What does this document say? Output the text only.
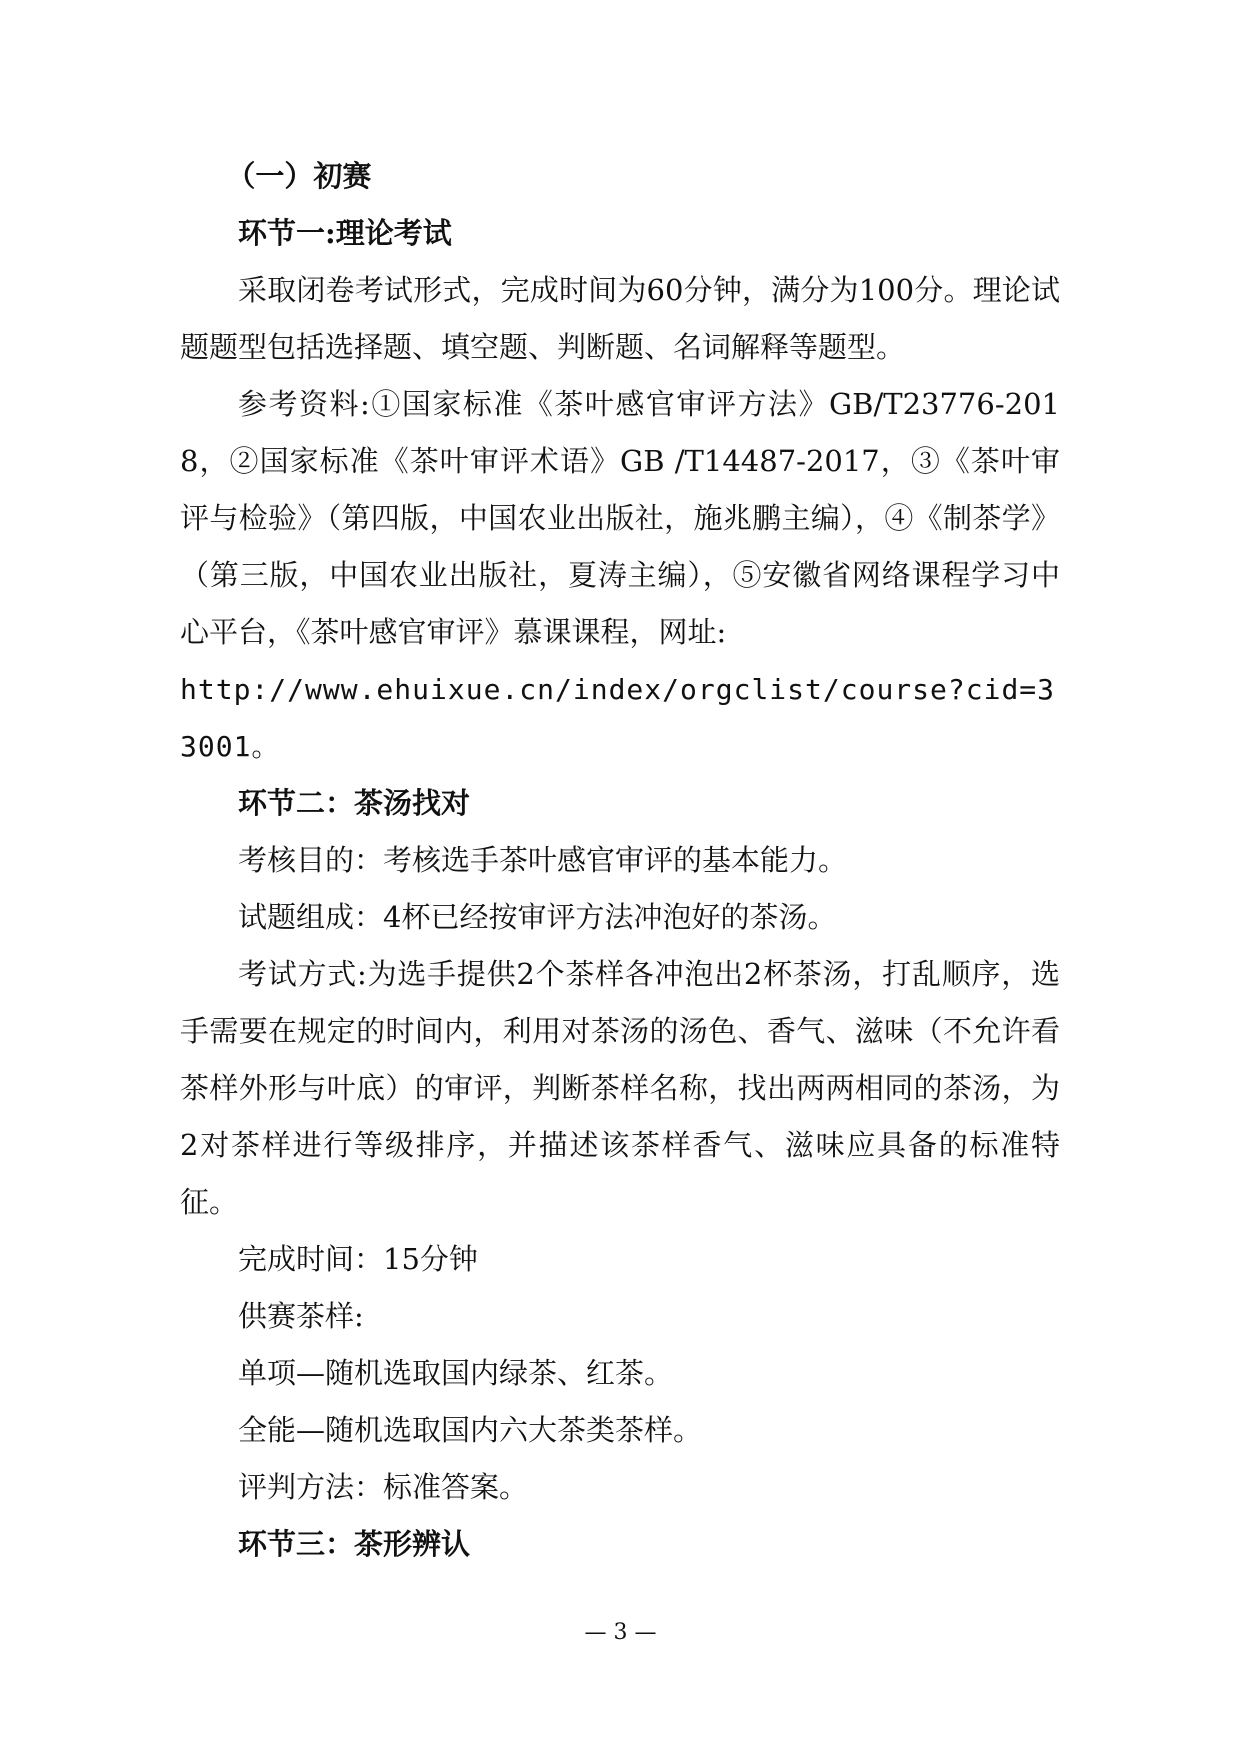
（一）初赛

环节一:理论考试

采取闭卷考试形式，完成时间为60分钟，满分为100分。理论试题题型包括选择题、填空题、判断题、名词解释等题型。

参考资料:①国家标准《茶叶感官审评方法》GB/T23776-2018，②国家标准《茶叶审评术语》GB /T14487-2017，③《茶叶审评与检验》（第四版，中国农业出版社，施兆鹏主编），④《制茶学》（第三版，中国农业出版社，夏涛主编），⑤安徽省网络课程学习中心平台，《茶叶感官审评》慕课课程，网址:

http://www.ehuixue.cn/index/orgclist/course?cid=33001。

环节二：茶汤找对

考核目的：考核选手茶叶感官审评的基本能力。

试题组成：4杯已经按审评方法冲泡好的茶汤。

考试方式:为选手提供2个茶样各冲泡出2杯茶汤，打乱顺序，选手需要在规定的时间内，利用对茶汤的汤色、香气、滋味（不允许看茶样外形与叶底）的审评，判断茶样名称，找出两两相同的茶汤，为2对茶样进行等级排序，并描述该茶样香气、滋味应具备的标准特征。

完成时间：15分钟

供赛茶样:

单项—随机选取国内绿茶、红茶。

全能—随机选取国内六大茶类茶样。

评判方法：标准答案。

环节三：茶形辨认

— 3 —
